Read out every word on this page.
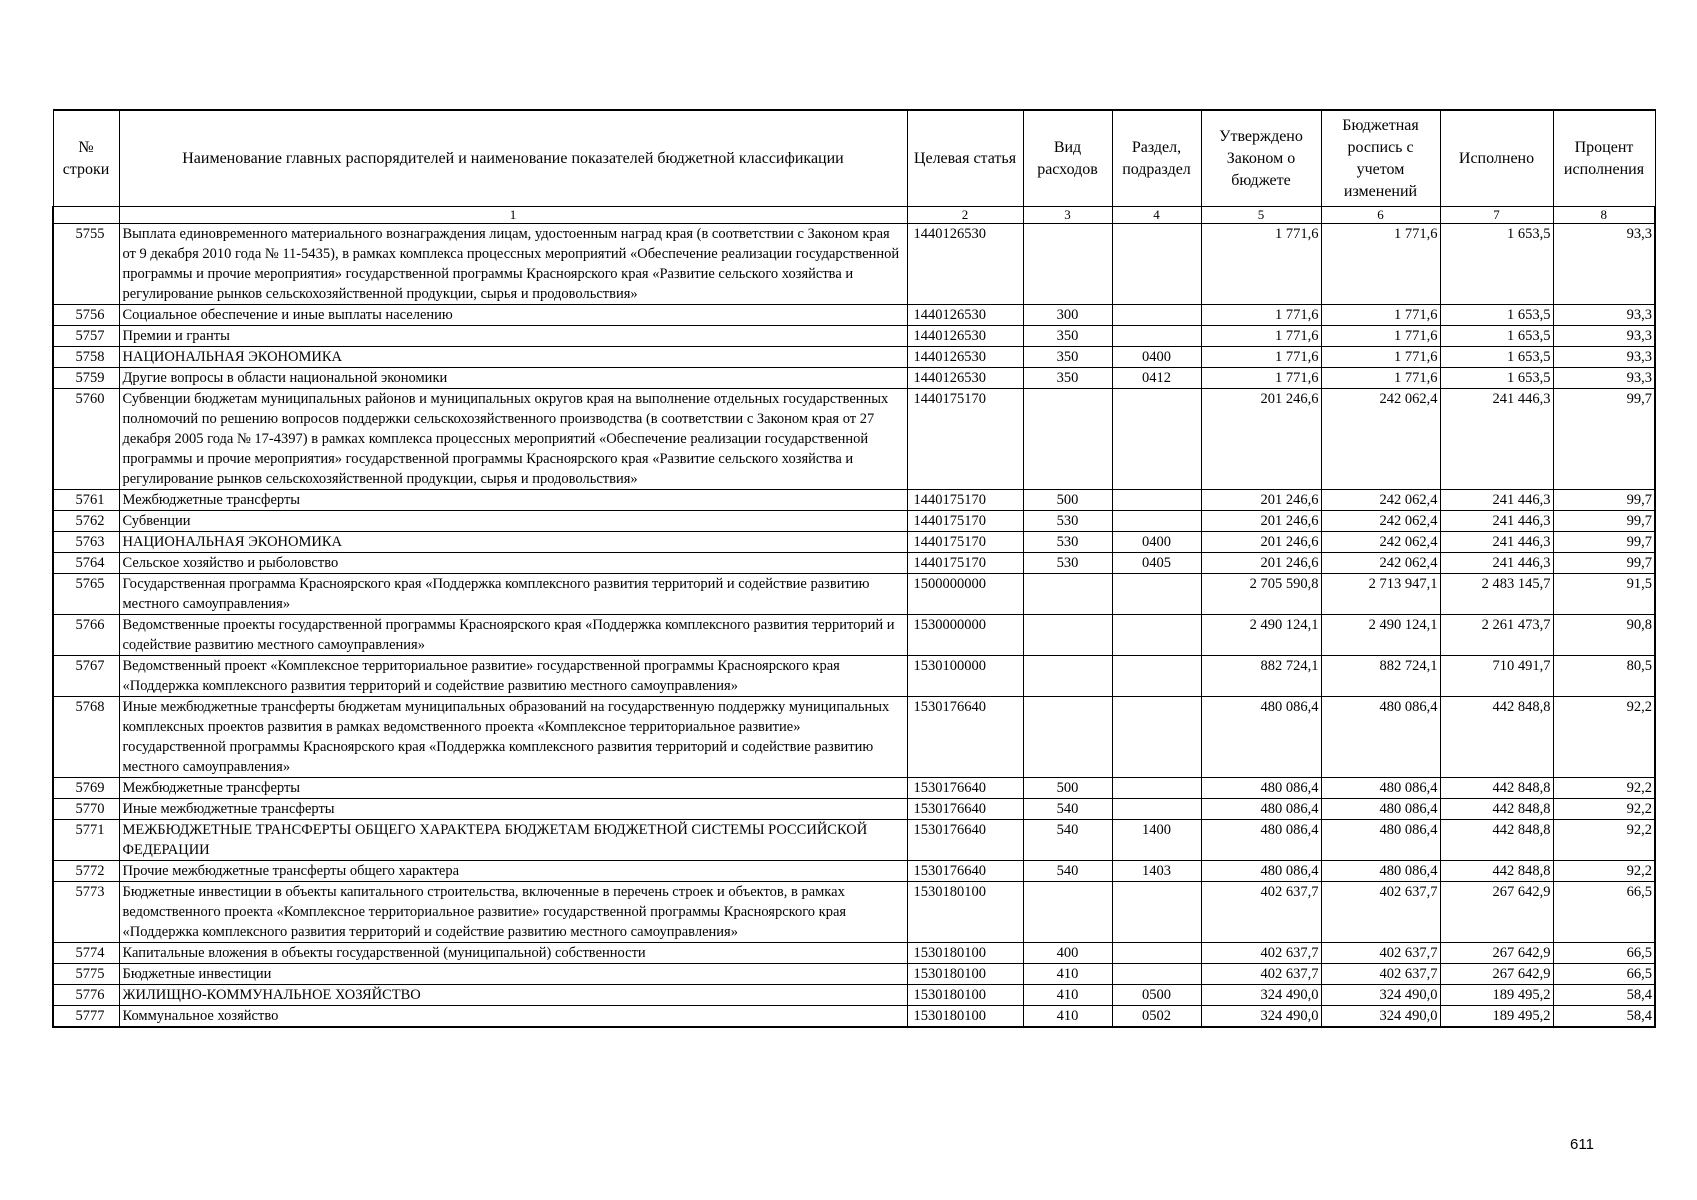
№ строки	Наименование главных распорядителей и наименование показателей бюджетной классификации	Целевая статья	Вид расходов	Раздел, подраздел	Утверждено Законом о бюджете	Бюджетная роспись с учетом изменений	Исполнено	Процент исполнения
	1	2	3	4	5	6	7	8
5755	Выплата единовременного материального вознаграждения лицам, удостоенным наград края (в соответствии с Законом края от 9 декабря 2010 года № 11-5435), в рамках комплекса процессных мероприятий «Обеспечение реализации государственной программы и прочие мероприятия» государственной программы Красноярского края «Развитие сельского хозяйства и регулирование рынков сельскохозяйственной продукции, сырья и продовольствия»	1440126530			1 771,6	1 771,6	1 653,5	93,3
5756	Социальное обеспечение и иные выплаты населению	1440126530	300		1 771,6	1 771,6	1 653,5	93,3
5757	Премии и гранты	1440126530	350		1 771,6	1 771,6	1 653,5	93,3
5758	НАЦИОНАЛЬНАЯ ЭКОНОМИКА	1440126530	350	0400	1 771,6	1 771,6	1 653,5	93,3
5759	Другие вопросы в области национальной экономики	1440126530	350	0412	1 771,6	1 771,6	1 653,5	93,3
5760	Субвенции бюджетам муниципальных районов и муниципальных округов края на выполнение отдельных государственных полномочий по решению вопросов поддержки сельскохозяйственного производства (в соответствии с Законом края от 27 декабря 2005 года № 17-4397) в рамках комплекса процессных мероприятий «Обеспечение реализации государственной программы и прочие мероприятия» государственной программы Красноярского края «Развитие сельского хозяйства и регулирование рынков сельскохозяйственной продукции, сырья и продовольствия»	1440175170			201 246,6	242 062,4	241 446,3	99,7
5761	Межбюджетные трансферты	1440175170	500		201 246,6	242 062,4	241 446,3	99,7
5762	Субвенции	1440175170	530		201 246,6	242 062,4	241 446,3	99,7
5763	НАЦИОНАЛЬНАЯ ЭКОНОМИКА	1440175170	530	0400	201 246,6	242 062,4	241 446,3	99,7
5764	Сельское хозяйство и рыболовство	1440175170	530	0405	201 246,6	242 062,4	241 446,3	99,7
5765	Государственная программа Красноярского края «Поддержка комплексного развития территорий и содействие развитию местного самоуправления»	1500000000			2 705 590,8	2 713 947,1	2 483 145,7	91,5
5766	Ведомственные проекты государственной программы Красноярского края «Поддержка комплексного развития территорий и содействие развитию местного самоуправления»	1530000000			2 490 124,1	2 490 124,1	2 261 473,7	90,8
5767	Ведомственный проект «Комплексное территориальное развитие» государственной программы Красноярского края «Поддержка комплексного развития территорий и содействие развитию местного самоуправления»	1530100000			882 724,1	882 724,1	710 491,7	80,5
5768	Иные межбюджетные трансферты бюджетам муниципальных образований на государственную поддержку муниципальных комплексных проектов развития в рамках ведомственного проекта «Комплексное территориальное развитие» государственной программы Красноярского края «Поддержка комплексного развития территорий и содействие развитию местного самоуправления»	1530176640			480 086,4	480 086,4	442 848,8	92,2
5769	Межбюджетные трансферты	1530176640	500		480 086,4	480 086,4	442 848,8	92,2
5770	Иные межбюджетные трансферты	1530176640	540		480 086,4	480 086,4	442 848,8	92,2
5771	МЕЖБЮДЖЕТНЫЕ ТРАНСФЕРТЫ ОБЩЕГО ХАРАКТЕРА БЮДЖЕТАМ БЮДЖЕТНОЙ СИСТЕМЫ РОССИЙСКОЙ ФЕДЕРАЦИИ	1530176640	540	1400	480 086,4	480 086,4	442 848,8	92,2
5772	Прочие межбюджетные трансферты общего характера	1530176640	540	1403	480 086,4	480 086,4	442 848,8	92,2
5773	Бюджетные инвестиции в объекты капитального строительства, включенные в перечень строек и объектов, в рамках ведомственного проекта «Комплексное территориальное развитие» государственной программы Красноярского края «Поддержка комплексного развития территорий и содействие развитию местного самоуправления»	1530180100			402 637,7	402 637,7	267 642,9	66,5
5774	Капитальные вложения в объекты государственной (муниципальной) собственности	1530180100	400		402 637,7	402 637,7	267 642,9	66,5
5775	Бюджетные инвестиции	1530180100	410		402 637,7	402 637,7	267 642,9	66,5
5776	ЖИЛИЩНО-КОММУНАЛЬНОЕ ХОЗЯЙСТВО	1530180100	410	0500	324 490,0	324 490,0	189 495,2	58,4
5777	Коммунальное хозяйство	1530180100	410	0502	324 490,0	324 490,0	189 495,2	58,4
611
